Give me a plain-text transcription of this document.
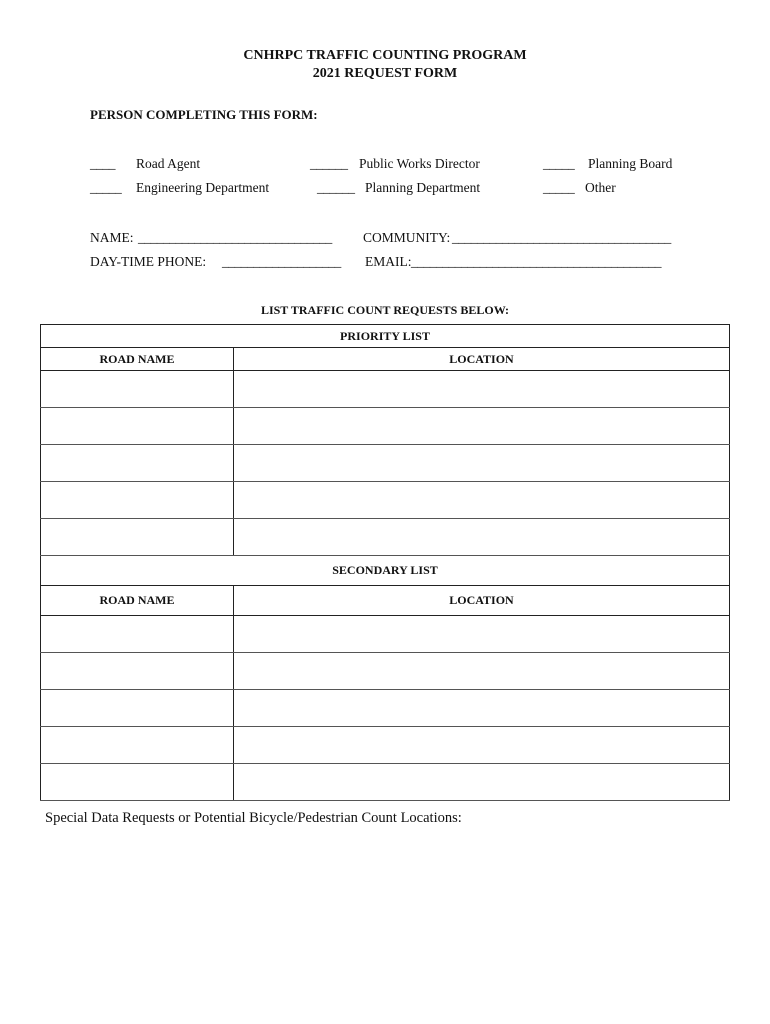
CNHRPC TRAFFIC COUNTING PROGRAM
2021 REQUEST FORM
PERSON COMPLETING THIS FORM:
____ Road Agent	______ Public Works Director	_____ Planning Board
_____ Engineering Department	______ Planning Department	_____ Other
NAME: _______________________________ COMMUNITY: ___________________________________
DAY-TIME PHONE: ___________________ EMAIL: ________________________________________
LIST TRAFFIC COUNT REQUESTS BELOW:
PRIORITY LIST	
ROAD NAME	LOCATION

SECONDARY LIST	
ROAD NAME	LOCATION

Special Data Requests or Potential Bicycle/Pedestrian Count Locations:
